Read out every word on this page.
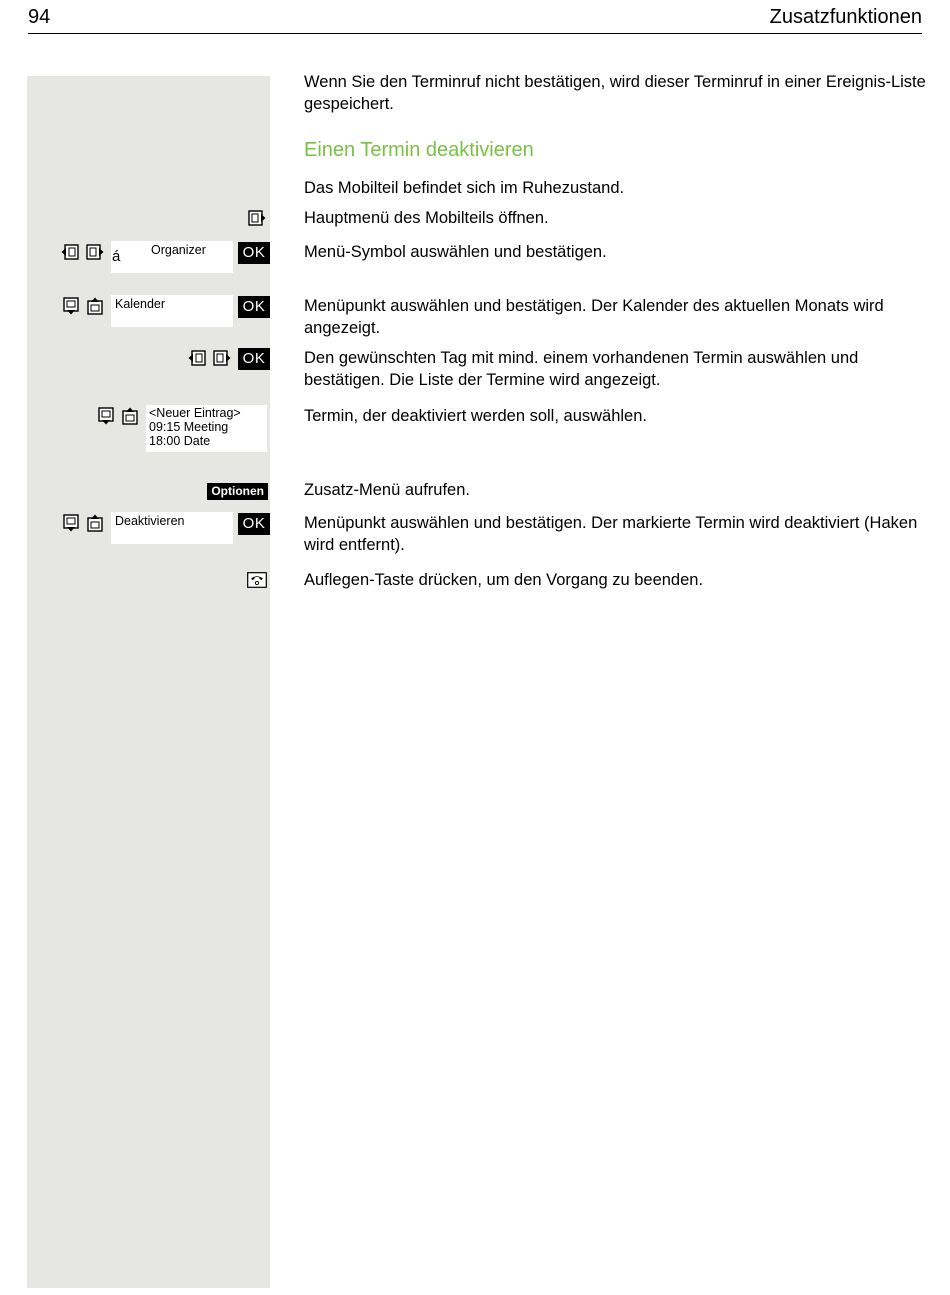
94	Zusatzfunktionen
Wenn Sie den Terminruf nicht bestätigen, wird dieser Terminruf in einer Ereignis-Liste gespeichert.
Einen Termin deaktivieren
Das Mobilteil befindet sich im Ruhezustand.
Hauptmenü des Mobilteils öffnen.
á Organizer	OK Menü-Symbol auswählen und bestätigen.
Kalender	OK Menüpunkt auswählen und bestätigen. Der Kalender des aktuellen Monats wird angezeigt.
OK Den gewünschten Tag mit mind. einem vorhandenen Termin auswählen und bestätigen. Die Liste der Termine wird angezeigt.
<Neuer Eintrag>
09:15 Meeting
18:00 Date
Termin, der deaktiviert werden soll, auswählen.
Optionen Zusatz-Menü aufrufen.
Deaktivieren	OK Menüpunkt auswählen und bestätigen. Der markierte Termin wird deaktiviert (Haken wird entfernt).
Auflegen-Taste drücken, um den Vorgang zu beenden.
